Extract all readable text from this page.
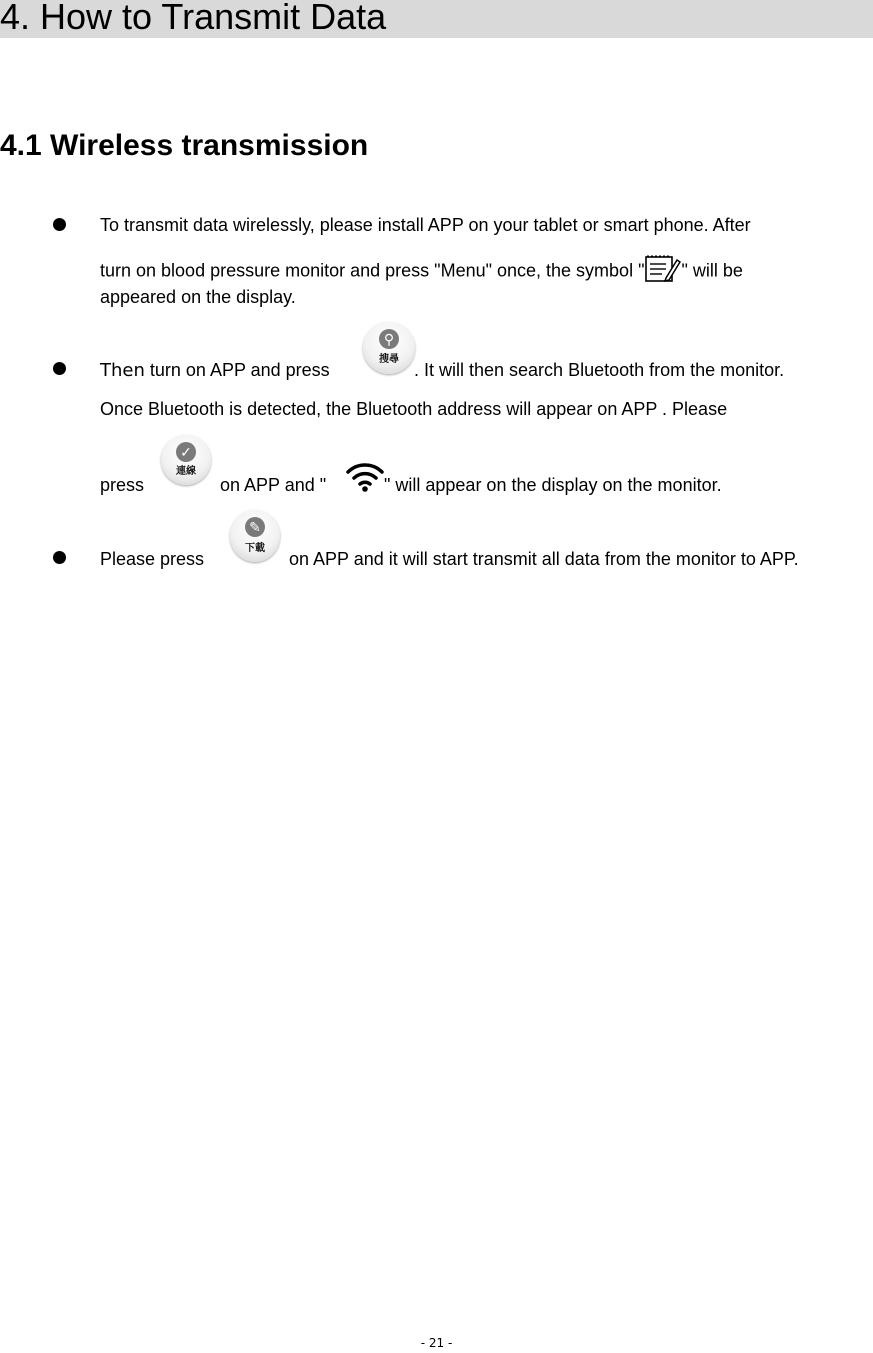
4. How to Transmit Data
4.1 Wireless transmission
To transmit data wirelessly, please install APP on your tablet or smart phone. After
turn on blood pressure monitor and press "Menu" once, the symbol " " will be
appeared on the display.
Then turn on APP and press
⚲
搜尋
. It will then search Bluetooth from the monitor.
Once Bluetooth is detected, the Bluetooth address will appear on APP . Please
press
✓
連線
on APP and "	" will appear on the display on the monitor.
Please press
✎
下載
on APP and it will start transmit all data from the monitor to APP.
- 21 -
